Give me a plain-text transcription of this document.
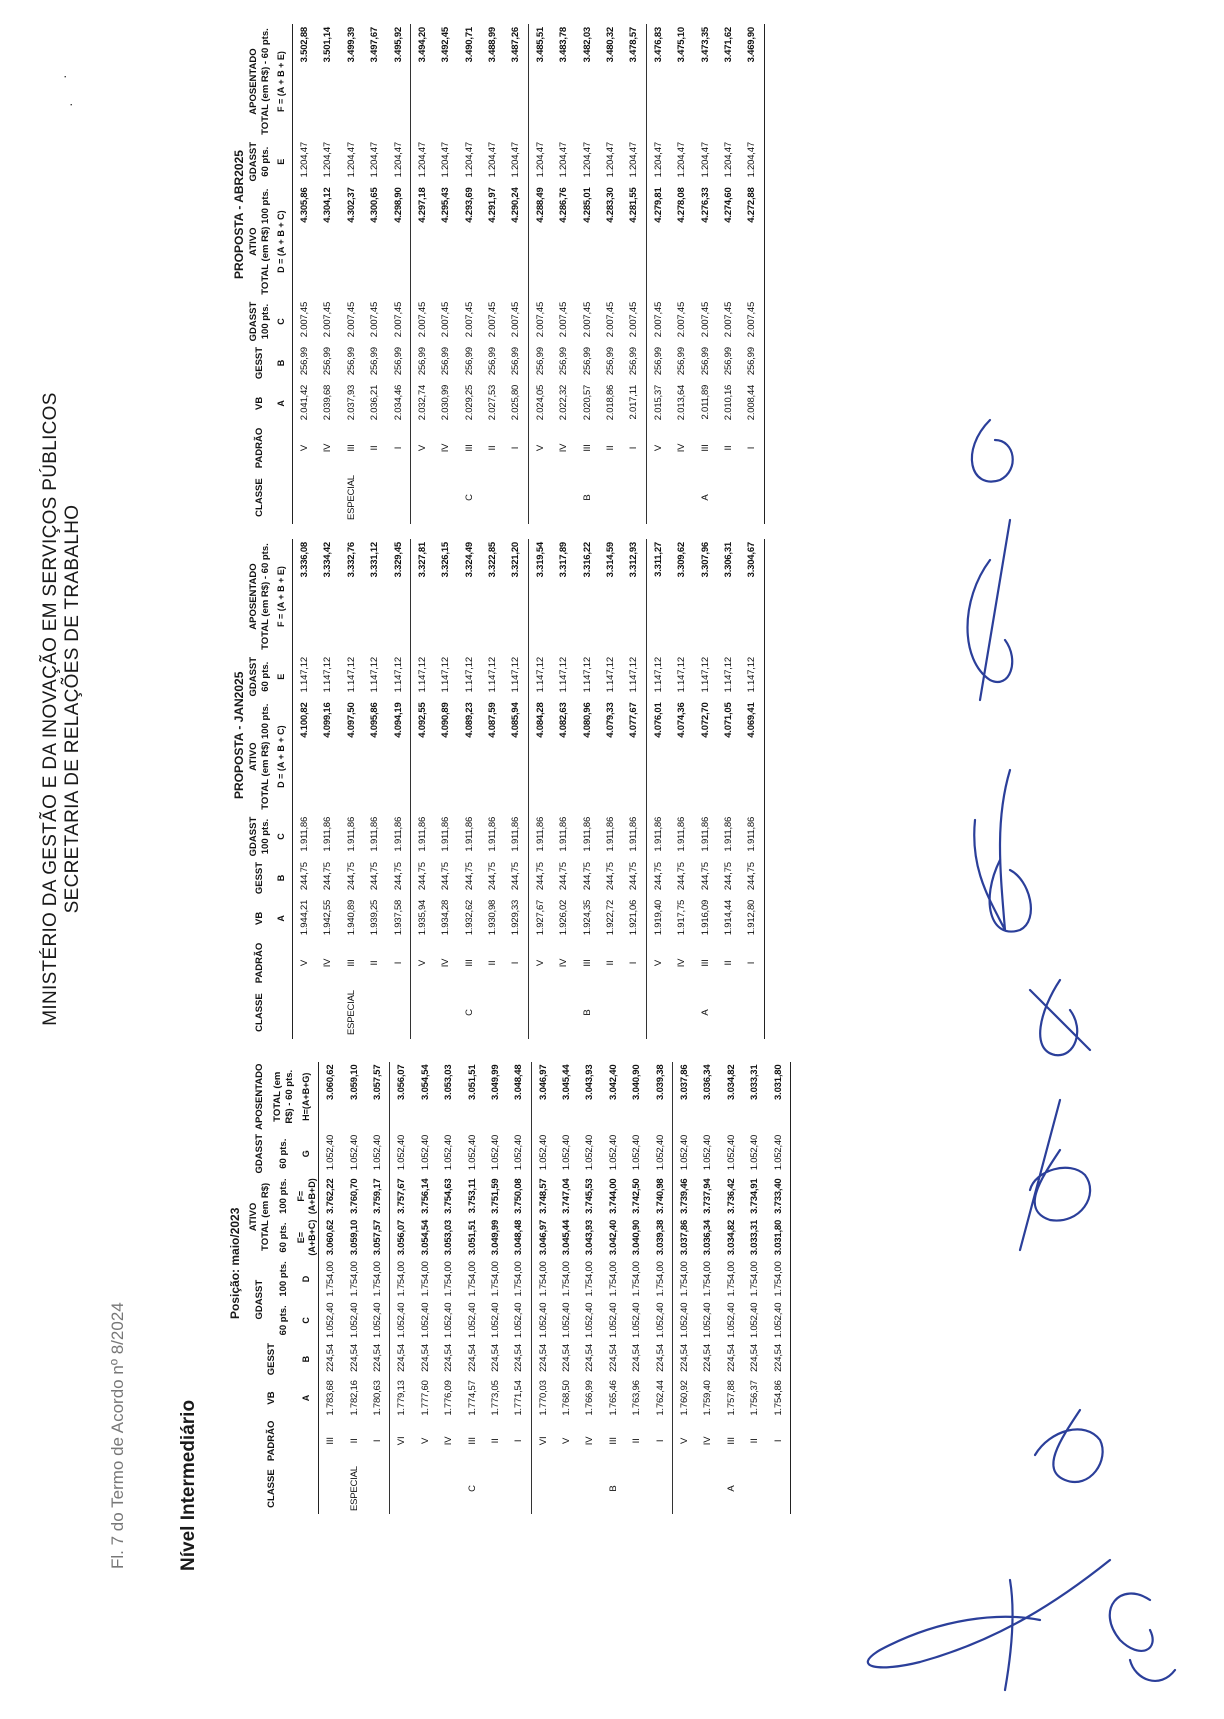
MINISTÉRIO DA GESTÃO E DA INOVAÇÃO EM SERVIÇOS PÚBLICOS SECRETARIA DE RELAÇÕES DE TRABALHO
Fl. 7 do Termo de Acordo nº 8/2024	Nível Intermediário
Posição: maio/2023
CLASSE	PADRÃO	VB	GESST	GDASST		ATIVO
TOTAL (em R$)		GDASST	APOSENTADO
				60 pts.	100 pts.	60 pts.	100 pts.	60 pts.	TOTAL (em R$) - 60 pts.
		A	B	C	D	E=(A+B+C)	F=(A+B+D)	G	H=(A+B+G)
	III	1.783,68	224,54	1.052,40	1.754,00	3.060,62	3.762,22	1.052,40	3.060,62
ESPECIAL	II	1.782,16	224,54	1.052,40	1.754,00	3.059,10	3.760,70	1.052,40	3.059,10
	I	1.780,63	224,54	1.052,40	1.754,00	3.057,57	3.759,17	1.052,40	3.057,57
	VI	1.779,13	224,54	1.052,40	1.754,00	3.056,07	3.757,67	1.052,40	3.056,07
	V	1.777,60	224,54	1.052,40	1.754,00	3.054,54	3.756,14	1.052,40	3.054,54
	IV	1.776,09	224,54	1.052,40	1.754,00	3.053,03	3.754,63	1.052,40	3.053,03
C	III	1.774,57	224,54	1.052,40	1.754,00	3.051,51	3.753,11	1.052,40	3.051,51
	II	1.773,05	224,54	1.052,40	1.754,00	3.049,99	3.751,59	1.052,40	3.049,99
	I	1.771,54	224,54	1.052,40	1.754,00	3.048,48	3.750,08	1.052,40	3.048,48
	VI	1.770,03	224,54	1.052,40	1.754,00	3.046,97	3.748,57	1.052,40	3.046,97
	V	1.768,50	224,54	1.052,40	1.754,00	3.045,44	3.747,04	1.052,40	3.045,44
	IV	1.766,99	224,54	1.052,40	1.754,00	3.043,93	3.745,53	1.052,40	3.043,93
B	III	1.765,46	224,54	1.052,40	1.754,00	3.042,40	3.744,00	1.052,40	3.042,40
	II	1.763,96	224,54	1.052,40	1.754,00	3.040,90	3.742,50	1.052,40	3.040,90
	I	1.762,44	224,54	1.052,40	1.754,00	3.039,38	3.740,98	1.052,40	3.039,38
	V	1.760,92	224,54	1.052,40	1.754,00	3.037,86	3.739,46	1.052,40	3.037,86
	IV	1.759,40	224,54	1.052,40	1.754,00	3.036,34	3.737,94	1.052,40	3.036,34
A	III	1.757,88	224,54	1.052,40	1.754,00	3.034,82	3.736,42	1.052,40	3.034,82
	II	1.756,37	224,54	1.052,40	1.754,00	3.033,31	3.734,91	1.052,40	3.033,31
	I	1.754,86	224,54	1.052,40	1.754,00	3.031,80	3.733,40	1.052,40	3.031,80
PROPOSTA - JAN2025
CLASSE	PADRÃO	VB	GESST	GDASST	ATIVO	GDASST	APOSENTADO
				100 pts.	TOTAL (em R$) 100 pts.	60 pts.	TOTAL (em R$) - 60 pts.
		A	B	C	D = (A + B + C)	E	F = (A + B + E)
	V	1.944,21	244,75	1.911,86	4.100,82	1.147,12	3.336,08
	IV	1.942,55	244,75	1.911,86	4.099,16	1.147,12	3.334,42
ESPECIAL	III	1.940,89	244,75	1.911,86	4.097,50	1.147,12	3.332,76
	II	1.939,25	244,75	1.911,86	4.095,86	1.147,12	3.331,12
	I	1.937,58	244,75	1.911,86	4.094,19	1.147,12	3.329,45
	V	1.935,94	244,75	1.911,86	4.092,55	1.147,12	3.327,81
	IV	1.934,28	244,75	1.911,86	4.090,89	1.147,12	3.326,15
C	III	1.932,62	244,75	1.911,86	4.089,23	1.147,12	3.324,49
	II	1.930,98	244,75	1.911,86	4.087,59	1.147,12	3.322,85
	I	1.929,33	244,75	1.911,86	4.085,94	1.147,12	3.321,20
	V	1.927,67	244,75	1.911,86	4.084,28	1.147,12	3.319,54
	IV	1.926,02	244,75	1.911,86	4.082,63	1.147,12	3.317,89
B	III	1.924,35	244,75	1.911,86	4.080,96	1.147,12	3.316,22
	II	1.922,72	244,75	1.911,86	4.079,33	1.147,12	3.314,59
	I	1.921,06	244,75	1.911,86	4.077,67	1.147,12	3.312,93
	V	1.919,40	244,75	1.911,86	4.076,01	1.147,12	3.311,27
	IV	1.917,75	244,75	1.911,86	4.074,36	1.147,12	3.309,62
A	III	1.916,09	244,75	1.911,86	4.072,70	1.147,12	3.307,96
	II	1.914,44	244,75	1.911,86	4.071,05	1.147,12	3.306,31
	I	1.912,80	244,75	1.911,86	4.069,41	1.147,12	3.304,67
PROPOSTA - ABR2025
CLASSE	PADRÃO	VB	GESST	GDASST	ATIVO	GDASST	APOSENTADO
				100 pts.	TOTAL (em R$) 100 pts.	60 pts.	TOTAL (em R$) - 60 pts.
		A	B	C	D = (A + B + C)	E	F = (A + B + E)
	V	2.041,42	256,99	2.007,45	4.305,86	1.204,47	3.502,88
	IV	2.039,68	256,99	2.007,45	4.304,12	1.204,47	3.501,14
ESPECIAL	III	2.037,93	256,99	2.007,45	4.302,37	1.204,47	3.499,39
	II	2.036,21	256,99	2.007,45	4.300,65	1.204,47	3.497,67
	I	2.034,46	256,99	2.007,45	4.298,90	1.204,47	3.495,92
	V	2.032,74	256,99	2.007,45	4.297,18	1.204,47	3.494,20
	IV	2.030,99	256,99	2.007,45	4.295,43	1.204,47	3.492,45
C	III	2.029,25	256,99	2.007,45	4.293,69	1.204,47	3.490,71
	II	2.027,53	256,99	2.007,45	4.291,97	1.204,47	3.488,99
	I	2.025,80	256,99	2.007,45	4.290,24	1.204,47	3.487,26
	V	2.024,05	256,99	2.007,45	4.288,49	1.204,47	3.485,51
	IV	2.022,32	256,99	2.007,45	4.286,76	1.204,47	3.483,78
B	III	2.020,57	256,99	2.007,45	4.285,01	1.204,47	3.482,03
	II	2.018,86	256,99	2.007,45	4.283,30	1.204,47	3.480,32
	I	2.017,11	256,99	2.007,45	4.281,55	1.204,47	3.478,57
	V	2.015,37	256,99	2.007,45	4.279,81	1.204,47	3.476,83
	IV	2.013,64	256,99	2.007,45	4.278,08	1.204,47	3.475,10
A	III	2.011,89	256,99	2.007,45	4.276,33	1.204,47	3.473,35
	II	2.010,16	256,99	2.007,45	4.274,60	1.204,47	3.471,62
	I	2.008,44	256,99	2.007,45	4.272,88	1.204,47	3.469,90
·
·
